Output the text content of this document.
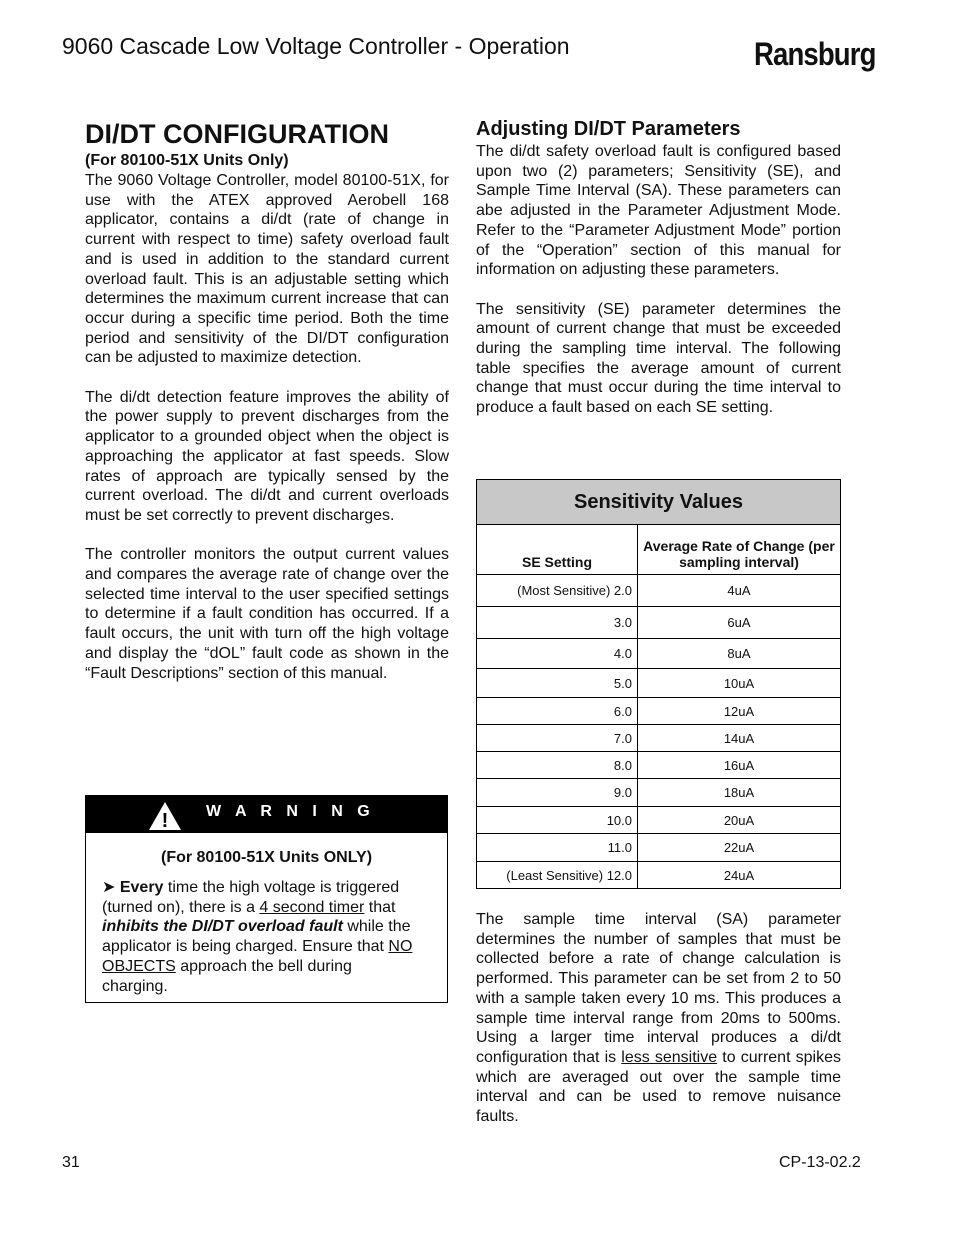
9060 Cascade Low Voltage Controller - Operation	Ransburg
DI/DT CONFIGURATION
(For 80100-51X Units Only)

The 9060 Voltage Controller, model 80100-51X, for use with the ATEX approved Aerobell 168 applicator, contains a di/dt (rate of change in current with respect to time) safety overload fault and is used in addition to the standard current overload fault. This is an adjustable setting which determines the maximum current increase that can occur during a specific time period. Both the time period and sensitivity of the DI/DT configuration can be adjusted to maximize detection.

The di/dt detection feature improves the ability of the power supply to prevent discharges from the applicator to a grounded object when the object is approaching the applicator at fast speeds. Slow rates of approach are typically sensed by the current overload. The di/dt and current overloads must be set correctly to prevent discharges.

The controller monitors the output current values and compares the average rate of change over the selected time interval to the user specified settings to determine if a fault condition has occurred. If a fault occurs, the unit with turn off the high voltage and display the “dOL” fault code as shown in the “Fault Descriptions” section of this manual.

! W A R N I N G
(For 80100-51X Units ONLY)
➤ Every time the high voltage is triggered (turned on), there is a 4 second timer that inhibits the DI/DT overload fault while the applicator is being charged. Ensure that NO OBJECTS approach the bell during charging.
Adjusting DI/DT Parameters

The di/dt safety overload fault is configured based upon two (2) parameters; Sensitivity (SE), and Sample Time Interval (SA). These parameters can abe adjusted in the Parameter Adjustment Mode. Refer to the “Parameter Adjustment Mode” portion of the “Operation” section of this manual for information on adjusting these parameters.

The sensitivity (SE) parameter determines the amount of current change that must be exceeded during the sampling time interval. The following table specifies the average amount of current change that must occur during the time interval to produce a fault based on each SE setting.

Sensitivity Values	
SE Setting	Average Rate of Change (per sampling interval)
(Most Sensitive) 2.0	4uA
3.0	6uA
4.0	8uA
5.0	10uA
6.0	12uA
7.0	14uA
8.0	16uA
9.0	18uA
10.0	20uA
11.0	22uA
(Least Sensitive) 12.0	24uA
The sample time interval (SA) parameter determines the number of samples that must be collected before a rate of change calculation is performed. This parameter can be set from 2 to 50 with a sample taken every 10 ms. This produces a sample time interval range from 20ms to 500ms. Using a larger time interval produces a di/dt configuration that is less sensitive to current spikes which are averaged out over the sample time interval and can be used to remove nuisance faults.
31	CP-13-02.2
